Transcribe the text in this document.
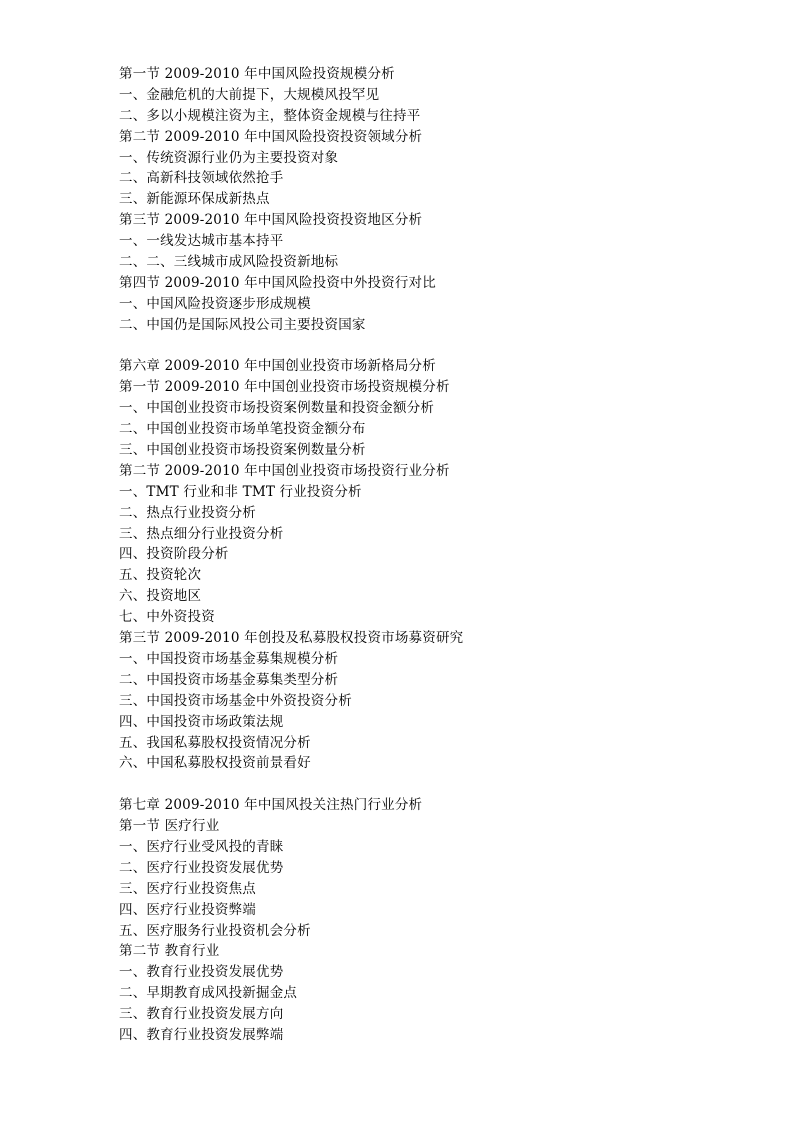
第一节 2009-2010 年中国风险投资规模分析
一、金融危机的大前提下，大规模风投罕见
二、多以小规模注资为主，整体资金规模与往持平
第二节 2009-2010 年中国风险投资投资领域分析
一、传统资源行业仍为主要投资对象
二、高新科技领域依然抢手
三、新能源环保成新热点
第三节 2009-2010 年中国风险投资投资地区分析
一、一线发达城市基本持平
二、二、三线城市成风险投资新地标
第四节 2009-2010 年中国风险投资中外投资行对比
一、中国风险投资逐步形成规模
二、中国仍是国际风投公司主要投资国家
第六章 2009-2010 年中国创业投资市场新格局分析
第一节 2009-2010 年中国创业投资市场投资规模分析
一、中国创业投资市场投资案例数量和投资金额分析
二、中国创业投资市场单笔投资金额分布
三、中国创业投资市场投资案例数量分析
第二节 2009-2010 年中国创业投资市场投资行业分析
一、TMT 行业和非 TMT 行业投资分析
二、热点行业投资分析
三、热点细分行业投资分析
四、投资阶段分析
五、投资轮次
六、投资地区
七、中外资投资
第三节 2009-2010 年创投及私募股权投资市场募资研究
一、中国投资市场基金募集规模分析
二、中国投资市场基金募集类型分析
三、中国投资市场基金中外资投资分析
四、中国投资市场政策法规
五、我国私募股权投资情况分析
六、中国私募股权投资前景看好
第七章 2009-2010 年中国风投关注热门行业分析
第一节 医疗行业
一、医疗行业受风投的青睐
二、医疗行业投资发展优势
三、医疗行业投资焦点
四、医疗行业投资弊端
五、医疗服务行业投资机会分析
第二节 教育行业
一、教育行业投资发展优势
二、早期教育成风投新掘金点
三、教育行业投资发展方向
四、教育行业投资发展弊端
